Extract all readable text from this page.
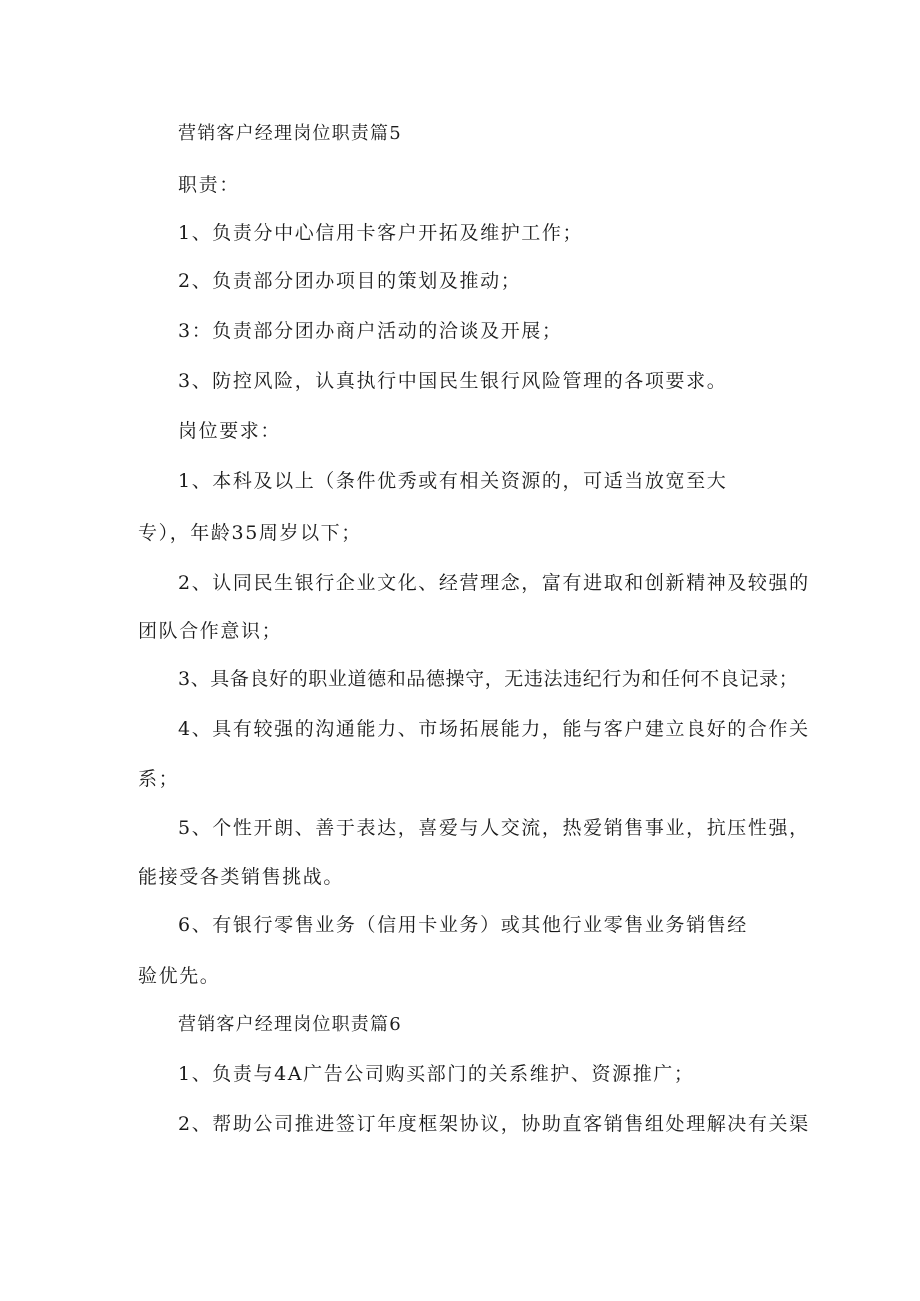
营销客户经理岗位职责篇5
职责：
1、负责分中心信用卡客户开拓及维护工作；
2、负责部分团办项目的策划及推动；
3：负责部分团办商户活动的洽谈及开展；
3、防控风险，认真执行中国民生银行风险管理的各项要求。
岗位要求：
1、本科及以上（条件优秀或有相关资源的，可适当放宽至大
专），年龄35周岁以下；
2、认同民生银行企业文化、经营理念，富有进取和创新精神及较强的
团队合作意识；
3、具备良好的职业道德和品德操守，无违法违纪行为和任何不良记录；
4、具有较强的沟通能力、市场拓展能力，能与客户建立良好的合作关
系；
5、个性开朗、善于表达，喜爱与人交流，热爱销售事业，抗压性强，
能接受各类销售挑战。
6、有银行零售业务（信用卡业务）或其他行业零售业务销售经
验优先。
营销客户经理岗位职责篇6
1、负责与4A广告公司购买部门的关系维护、资源推广；
2、帮助公司推进签订年度框架协议，协助直客销售组处理解决有关渠
